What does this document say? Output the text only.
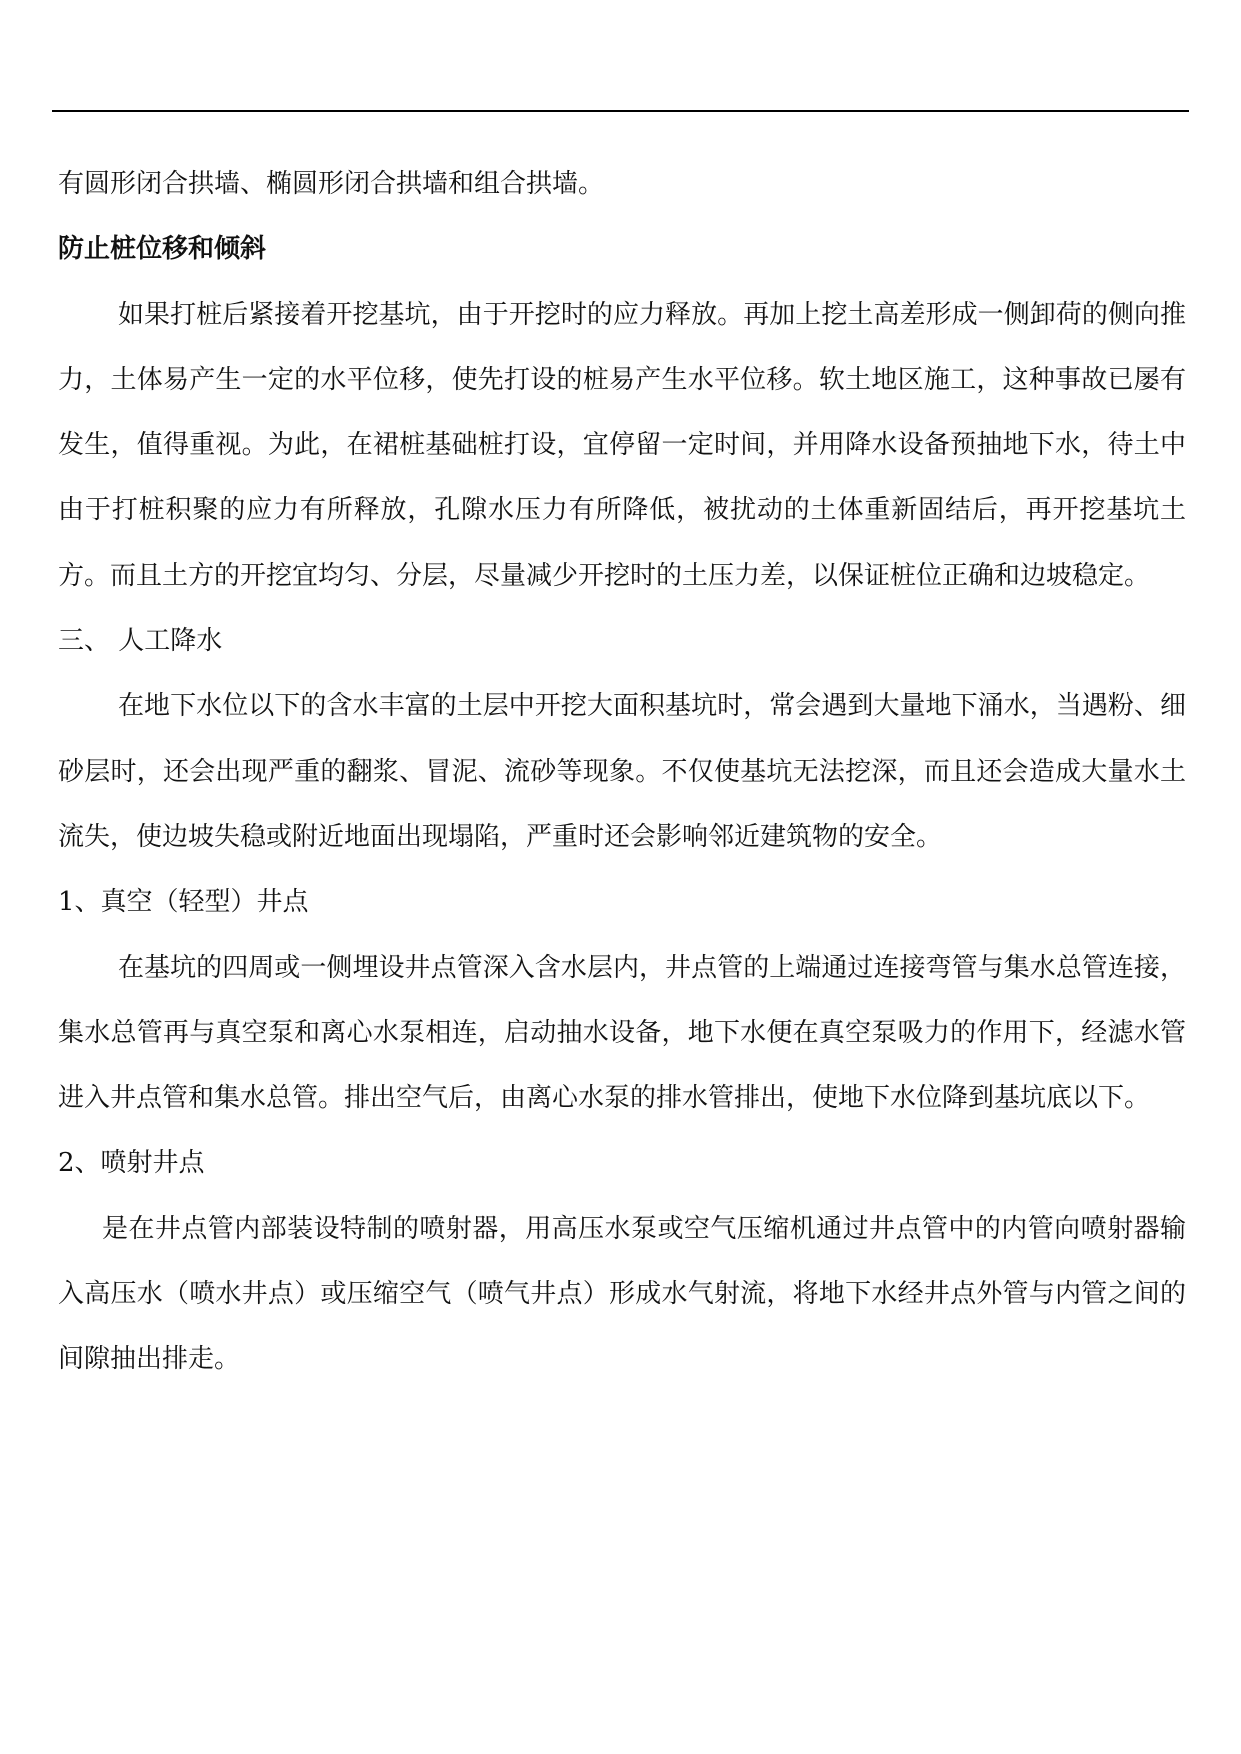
有圆形闭合拱墙、椭圆形闭合拱墙和组合拱墙。

防止桩位移和倾斜

如果打桩后紧接着开挖基坑，由于开挖时的应力释放。再加上挖土高差形成一侧卸荷的侧向推力，土体易产生一定的水平位移，使先打设的桩易产生水平位移。软土地区施工，这种事故已屡有发生，值得重视。为此，在裙桩基础桩打设，宜停留一定时间，并用降水设备预抽地下水，待土中由于打桩积聚的应力有所释放，孔隙水压力有所降低，被扰动的土体重新固结后，再开挖基坑土方。而且土方的开挖宜均匀、分层，尽量减少开挖时的土压力差，以保证桩位正确和边坡稳定。

三、 人工降水

在地下水位以下的含水丰富的土层中开挖大面积基坑时，常会遇到大量地下涌水，当遇粉、细砂层时，还会出现严重的翻浆、冒泥、流砂等现象。不仅使基坑无法挖深，而且还会造成大量水土流失，使边坡失稳或附近地面出现塌陷，严重时还会影响邻近建筑物的安全。

1、真空（轻型）井点

在基坑的四周或一侧埋设井点管深入含水层内，井点管的上端通过连接弯管与集水总管连接，集水总管再与真空泵和离心水泵相连，启动抽水设备，地下水便在真空泵吸力的作用下，经滤水管进入井点管和集水总管。排出空气后，由离心水泵的排水管排出，使地下水位降到基坑底以下。

2、喷射井点

是在井点管内部装设特制的喷射器，用高压水泵或空气压缩机通过井点管中的内管向喷射器输入高压水（喷水井点）或压缩空气（喷气井点）形成水气射流，将地下水经井点外管与内管之间的间隙抽出排走。
